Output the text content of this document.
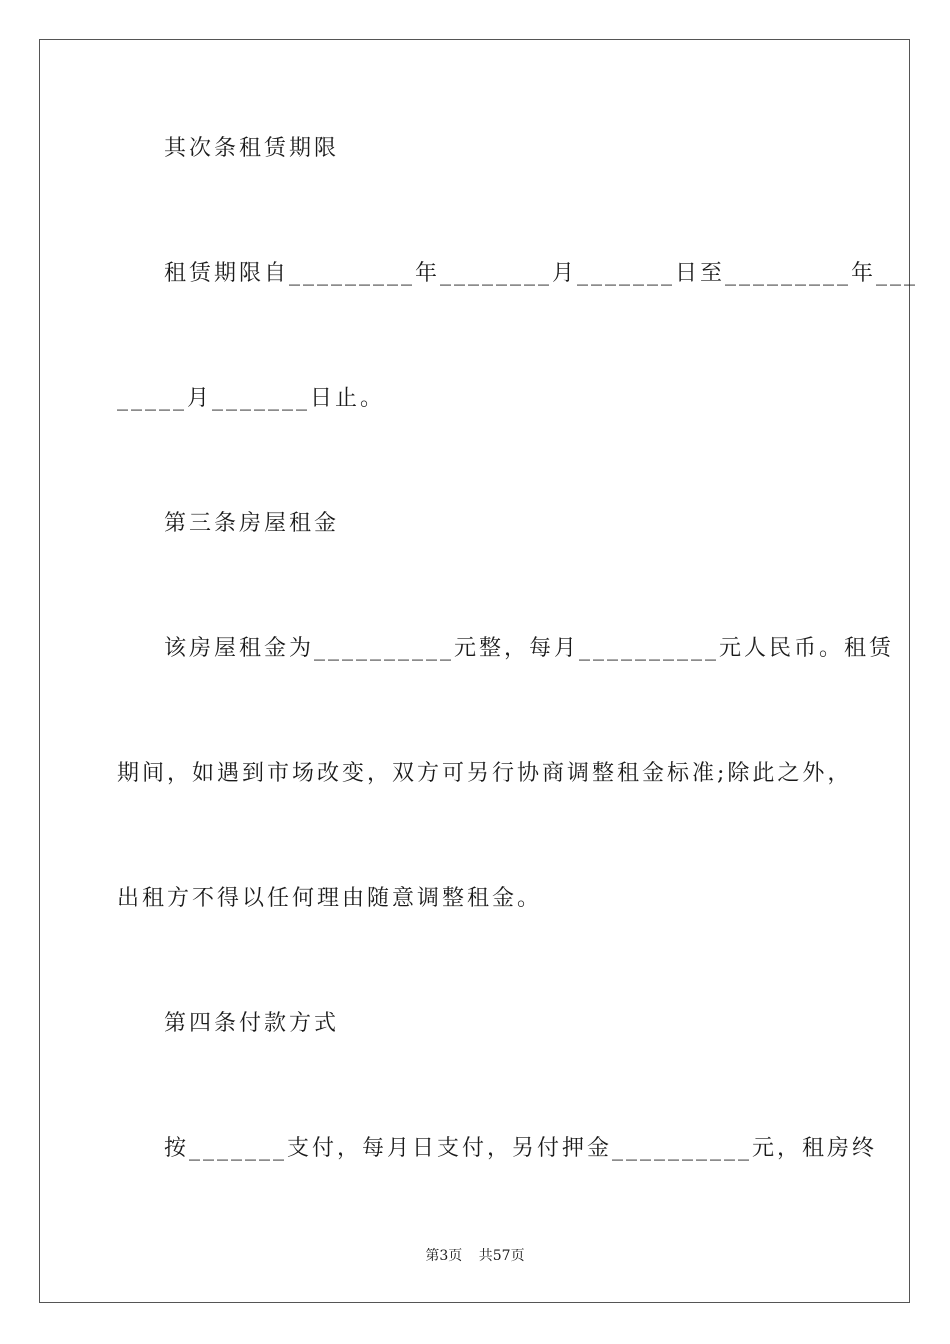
其次条租赁期限
租赁期限自_________年________月_______日至_________年___
_____月_______日止。
第三条房屋租金
该房屋租金为__________元整，每月__________元人民币。租赁
期间，如遇到市场改变，双方可另行协商调整租金标准;除此之外，
出租方不得以任何理由随意调整租金。
第四条付款方式
按_______支付，每月日支付，另付押金__________元，租房终
第3页 共57页
